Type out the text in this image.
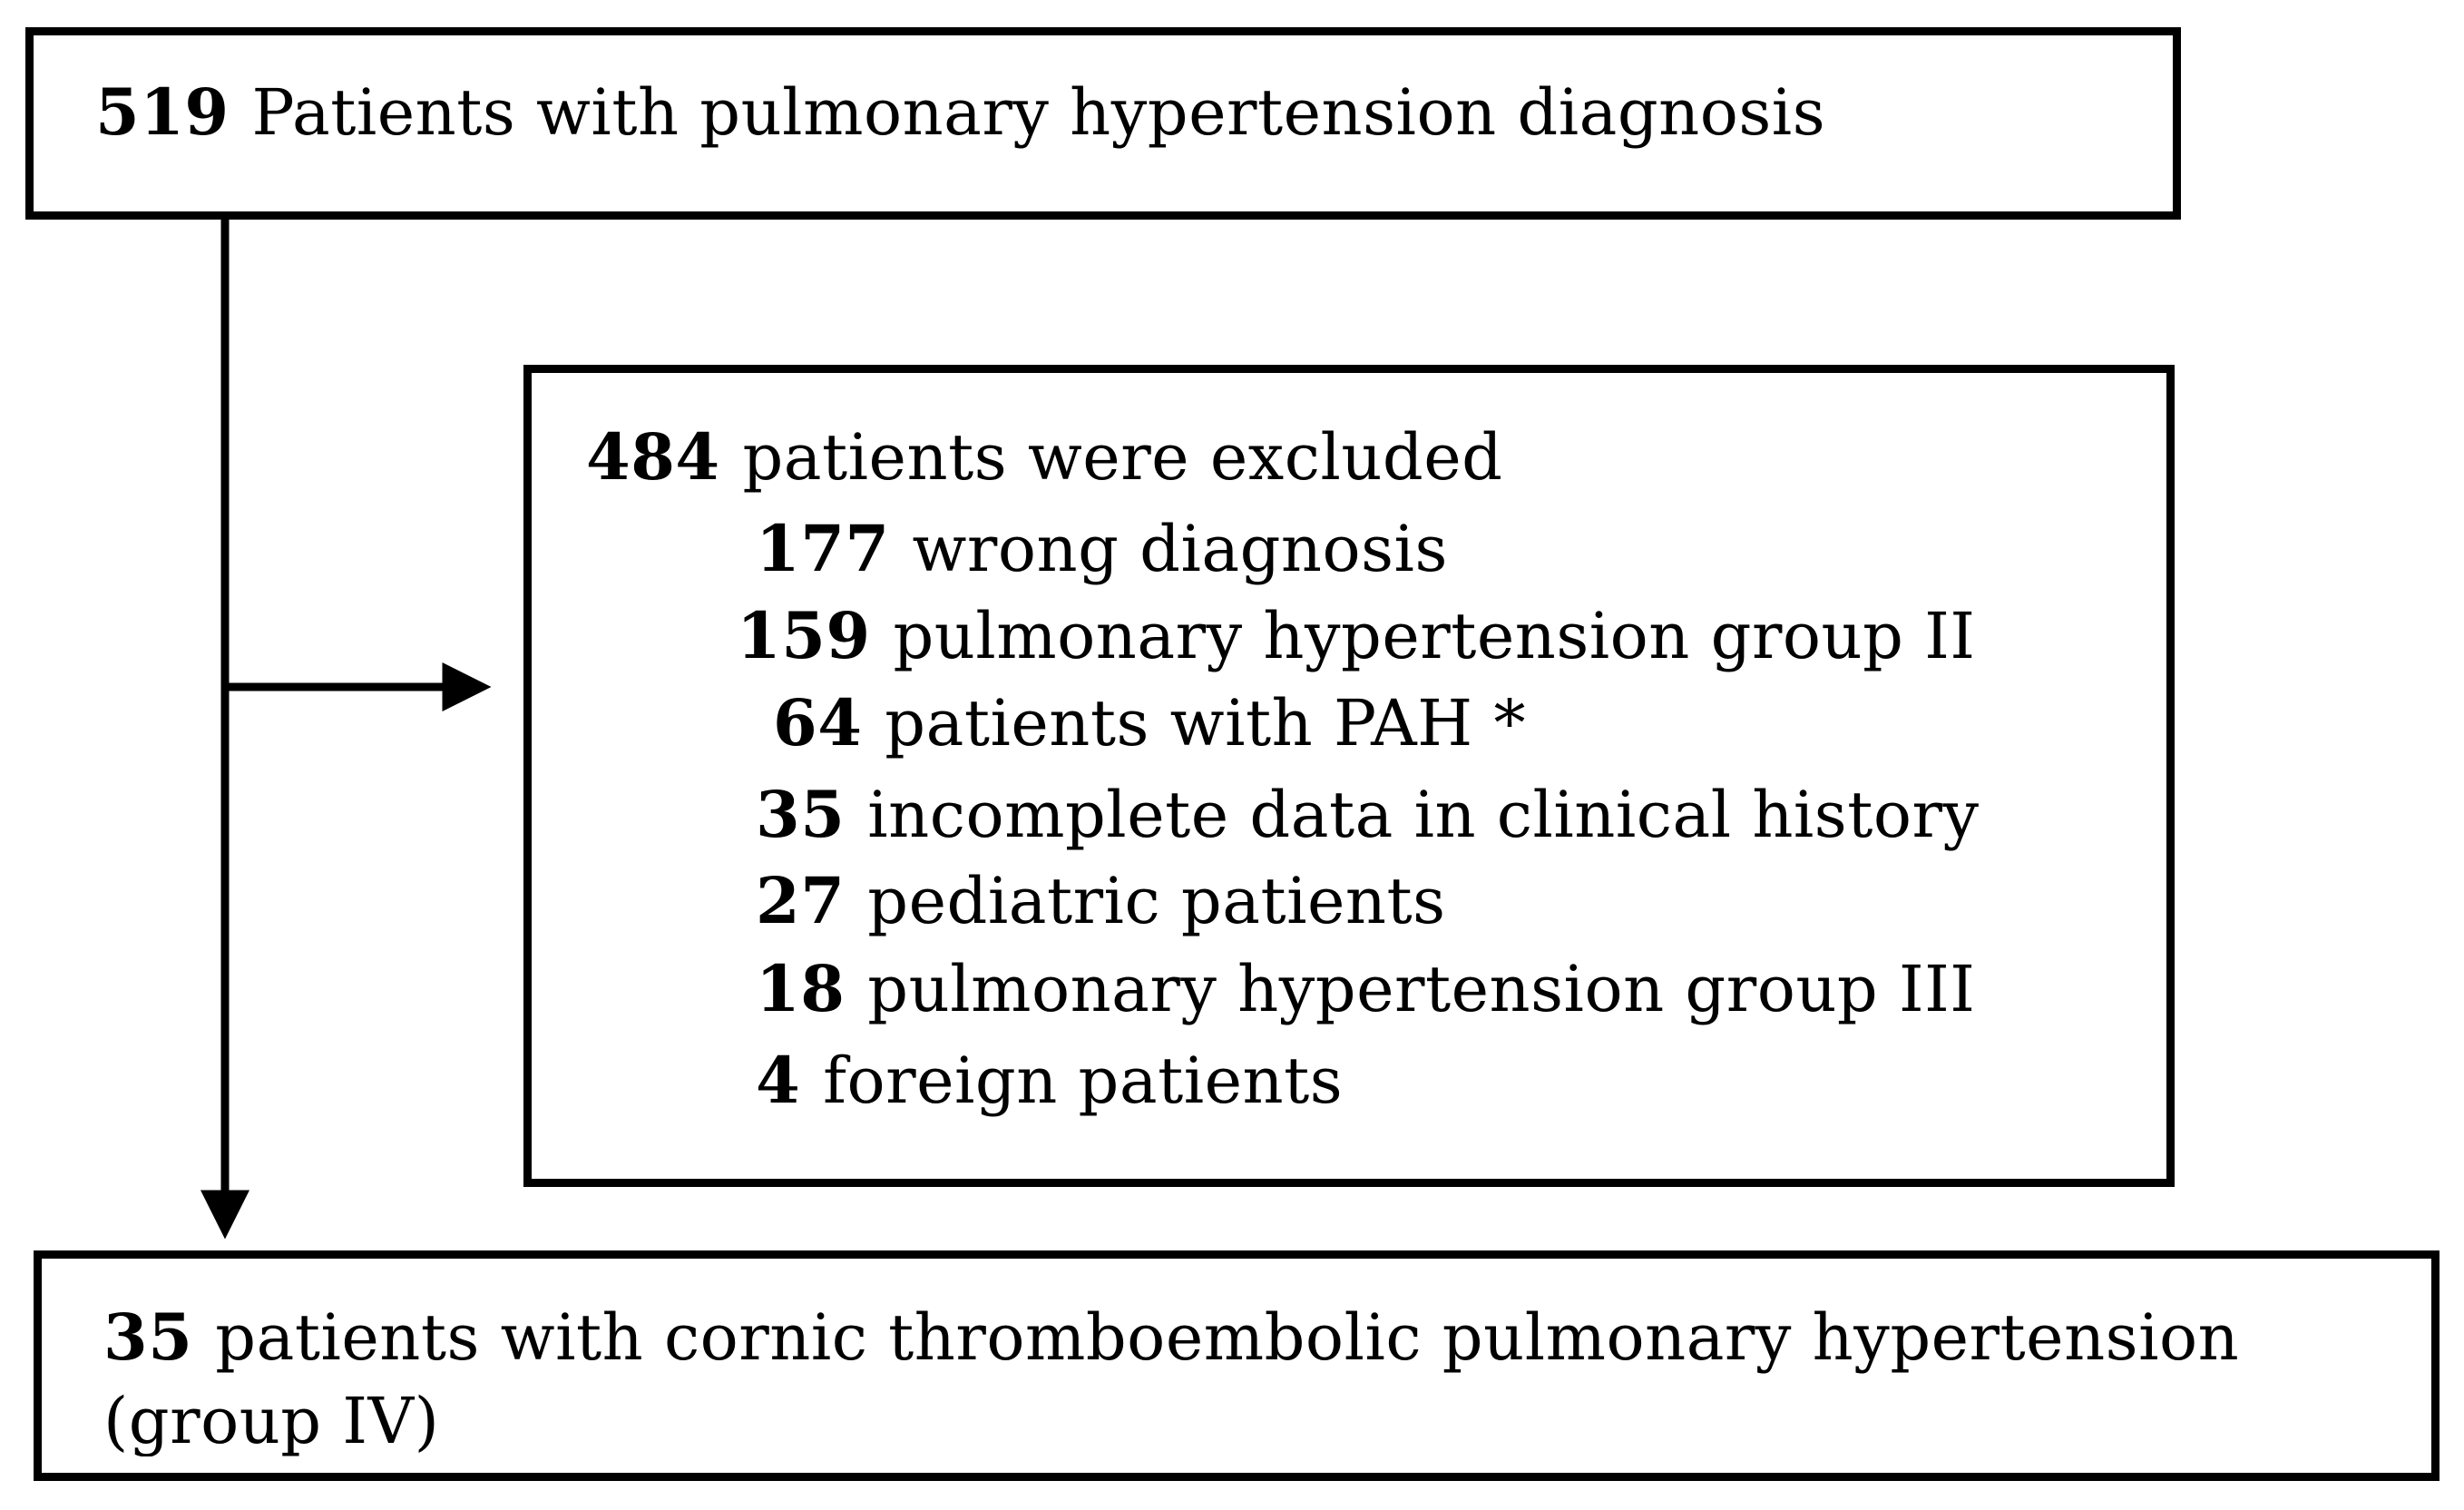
519 Patients with pulmonary hypertension diagnosis
484 patients were excluded
177 wrong diagnosis
159 pulmonary hypertension group II
64 patients with PAH *
35 incomplete data in clinical history
27 pediatric patients
18 pulmonary hypertension group III
4 foreign patients
35 patients with cornic thromboembolic pulmonary hypertension
(group IV)
